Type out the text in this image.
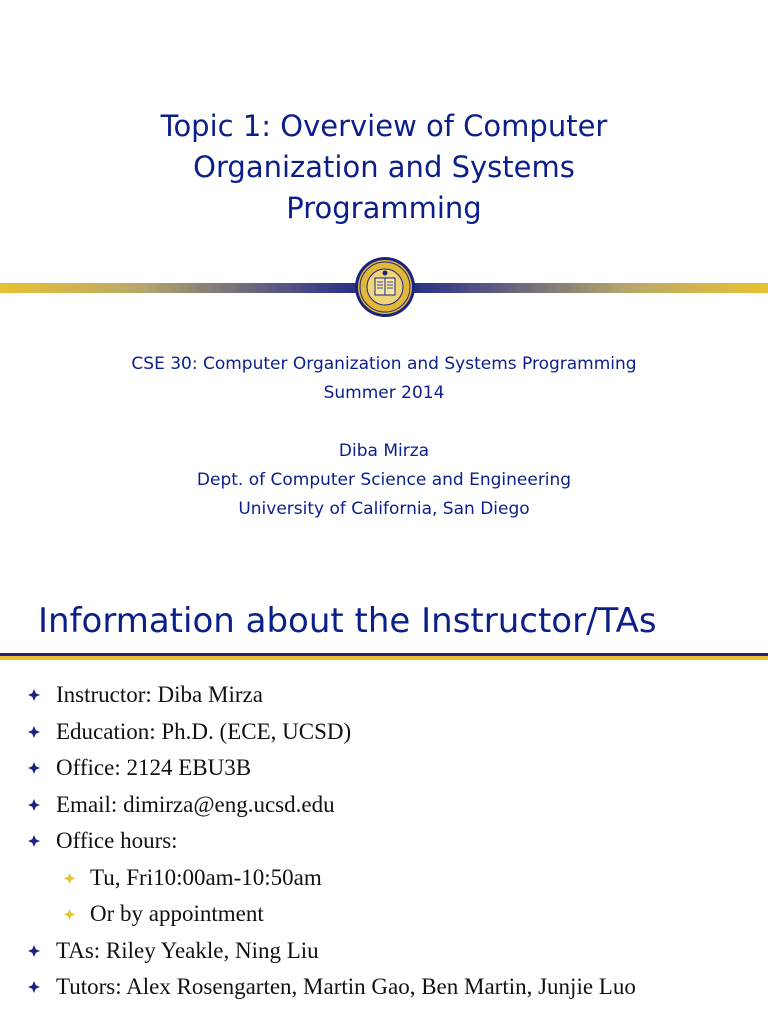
Topic 1: Overview of Computer
Organization and Systems
Programming
CSE 30: Computer Organization and Systems Programming
Summer 2014
Diba Mirza
Dept. of Computer Science and Engineering
University of California, San Diego
Information about the Instructor/TAs
Instructor: Diba Mirza
Education: Ph.D. (ECE, UCSD)
Office: 2124 EBU3B
Email: dimirza@eng.ucsd.edu
Office hours:
Tu, Fri10:00am-10:50am
Or by appointment
TAs: Riley Yeakle, Ning Liu
Tutors: Alex Rosengarten, Martin Gao, Ben Martin, Junjie Luo
